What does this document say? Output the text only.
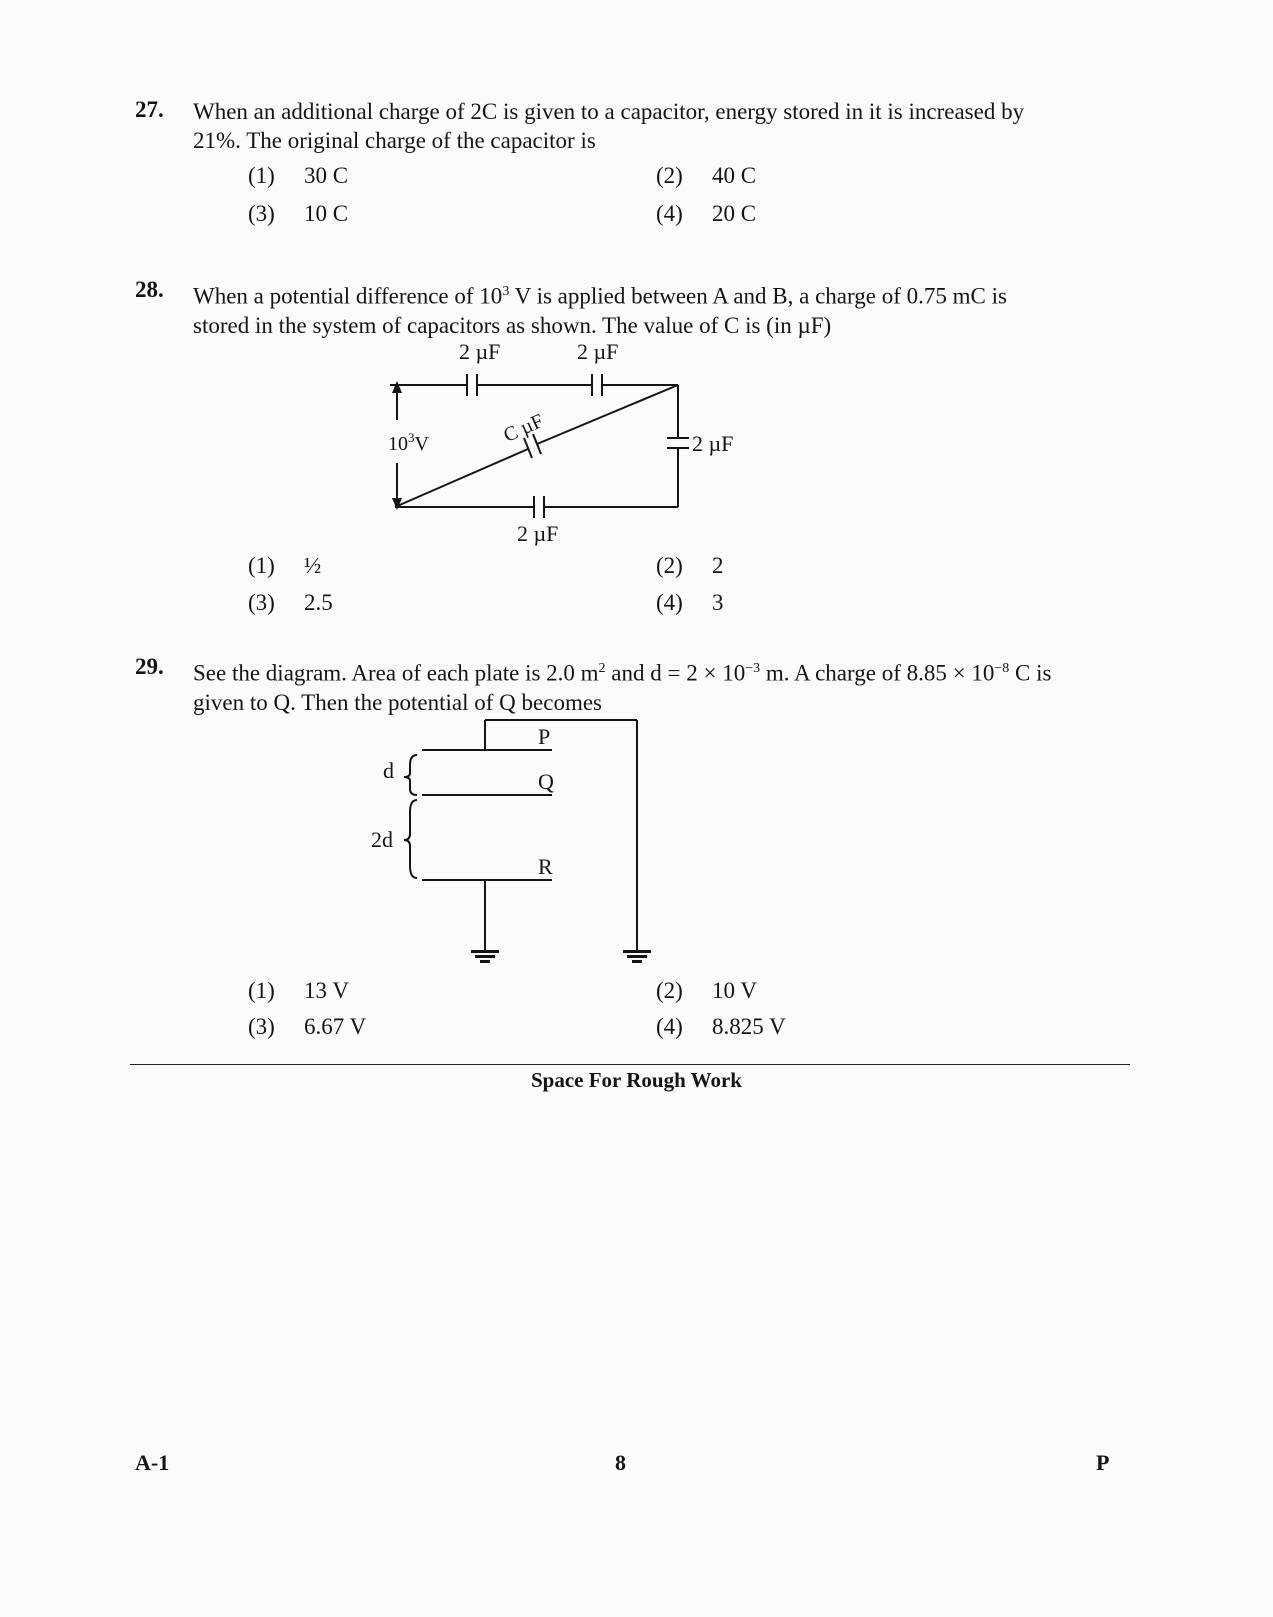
27. When an additional charge of 2C is given to a capacitor, energy stored in it is increased by
21%. The original charge of the capacitor is
(1) 30 C	(2) 40 C
(3) 10 C	(4) 20 C
28. When a potential difference of $10^3$ V is applied between A and B, a charge of 0.75 mC is
stored in the system of capacitors as shown. The value of C is (in µF)
2 µF	2 µF
2 µF
2 µF
C µF
$10^3V$
(1) ½	(2) 2
(3) 2.5	(4) 3
29. See the diagram. Area of each plate is 2.0 $m^2$ and $d = 2 \times 10^{-3}$ m. A charge of $8.85 \times 10^{-8}$ C is
given to Q. Then the potential of Q becomes
P
Q
R
d
2d
(1) 13 V	(2) 10 V
(3) 6.67 V	(4) 8.825 V
Space For Rough Work
A-1	8	P
